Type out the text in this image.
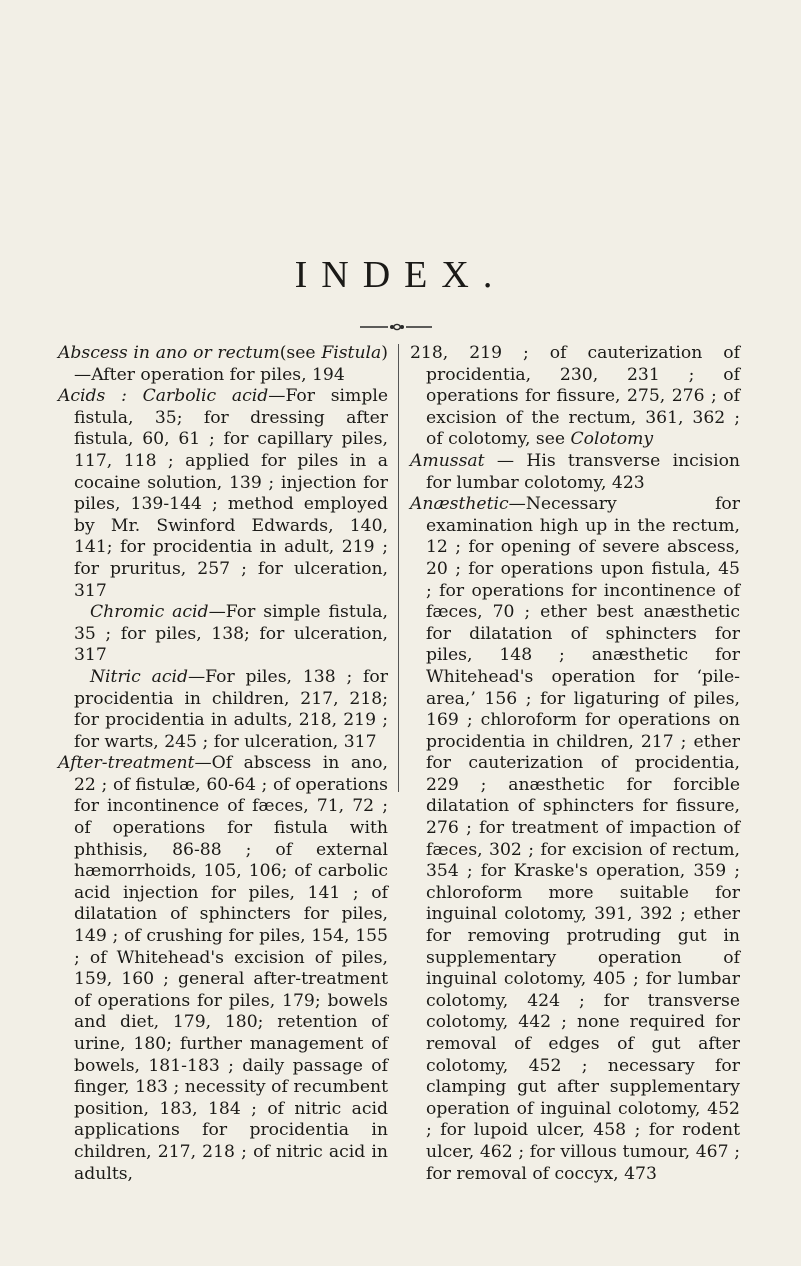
INDEX.

Abscess in ano or rectum(see Fistula) —After operation for piles, 194

Acids : Carbolic acid—For simple fistula, 35; for dressing after fistula, 60, 61 ; for capillary piles, 117, 118 ; applied for piles in a cocaine solution, 139 ; injection for piles, 139-144 ; method employed by Mr. Swinford Edwards, 140, 141; for procidentia in adult, 219 ; for pruritus, 257 ; for ulceration, 317

Chromic acid—For simple fistula, 35 ; for piles, 138; for ulceration, 317

Nitric acid—For piles, 138 ; for procidentia in children, 217, 218; for procidentia in adults, 218, 219 ; for warts, 245 ; for ulceration, 317

After-treatment—Of abscess in ano, 22 ; of fistulæ, 60-64 ; of operations for incontinence of fæces, 71, 72 ; of operations for fistula with phthisis, 86-88 ; of external hæmorrhoids, 105, 106; of carbolic acid injection for piles, 141 ; of dilatation of sphincters for piles, 149 ; of crushing for piles, 154, 155 ; of Whitehead's excision of piles, 159, 160 ; general after-treatment of operations for piles, 179; bowels and diet, 179, 180; retention of urine, 180; further management of bowels, 181-183 ; daily passage of finger, 183 ; necessity of recumbent position, 183, 184 ; of nitric acid applications for procidentia in children, 217, 218 ; of nitric acid in adults,

218, 219 ; of cauterization of procidentia, 230, 231 ; of operations for fissure, 275, 276 ; of excision of the rectum, 361, 362 ; of colotomy, see Colotomy

Amussat — His transverse incision for lumbar colotomy, 423

Anæsthetic—Necessary for examination high up in the rectum, 12 ; for opening of severe abscess, 20 ; for operations upon fistula, 45 ; for operations for incontinence of fæces, 70 ; ether best anæsthetic for dilatation of sphincters for piles, 148 ; anæsthetic for Whitehead's operation for ‘pile-area,’ 156 ; for ligaturing of piles, 169 ; chloroform for operations on procidentia in children, 217 ; ether for cauterization of procidentia, 229 ; anæsthetic for forcible dilatation of sphincters for fissure, 276 ; for treatment of impaction of fæces, 302 ; for excision of rectum, 354 ; for Kraske's operation, 359 ; chloroform more suitable for inguinal colotomy, 391, 392 ; ether for removing protruding gut in supplementary operation of inguinal colotomy, 405 ; for lumbar colotomy, 424 ; for transverse colotomy, 442 ; none required for removal of edges of gut after colotomy, 452 ; necessary for clamping gut after supplementary operation of inguinal colotomy, 452 ; for lupoid ulcer, 458 ; for rodent ulcer, 462 ; for villous tumour, 467 ; for removal of coccyx, 473
